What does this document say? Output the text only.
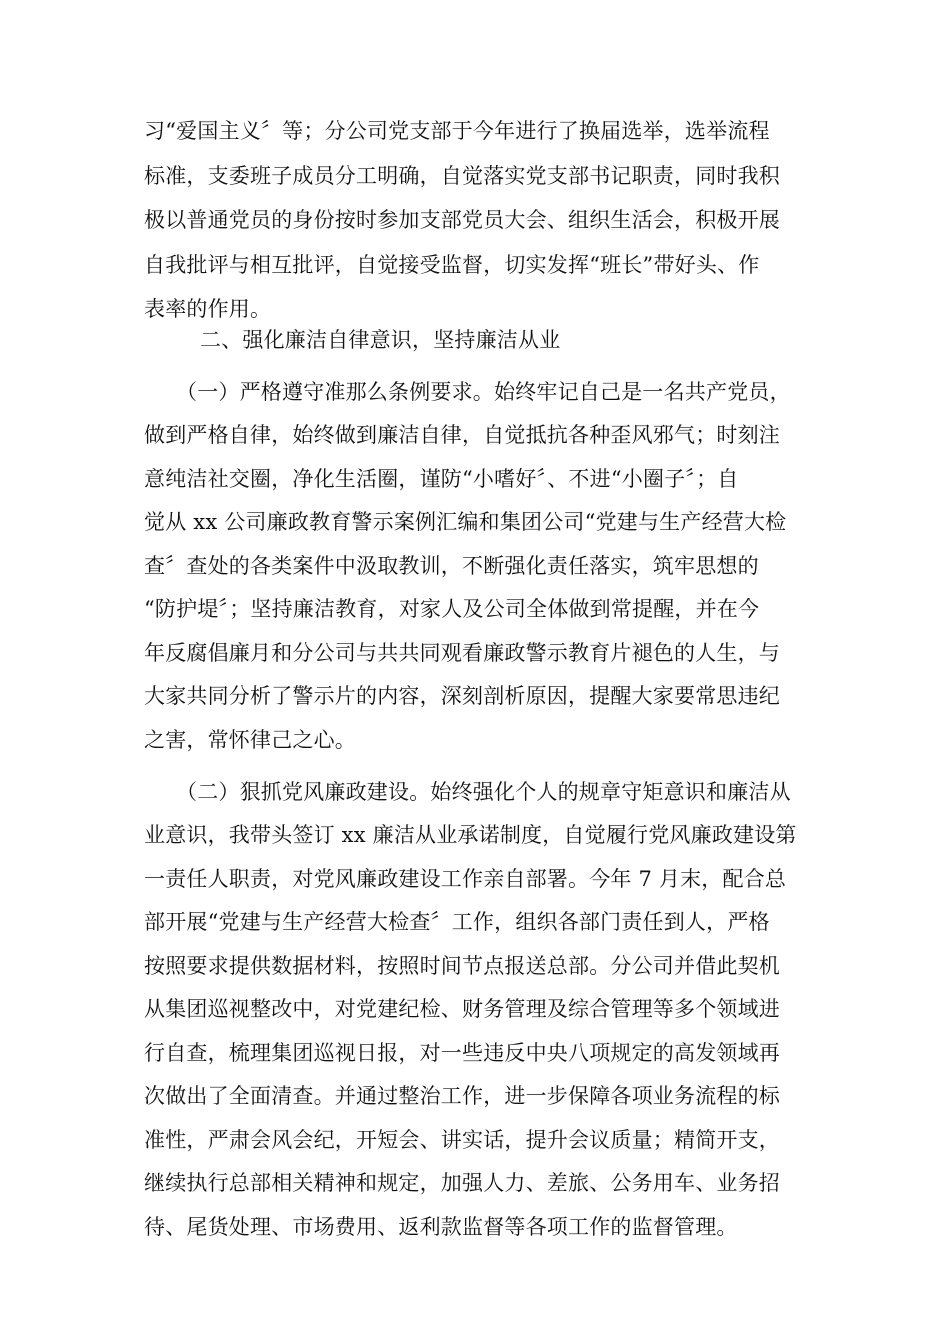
习“爱国主义〞等；分公司党支部于今年进行了换届选举，选举流程
标准，支委班子成员分工明确，自觉落实党支部书记职责，同时我积
极以普通党员的身份按时参加支部党员大会、组织生活会，积极开展
自我批评与相互批评，自觉接受监督，切实发挥“班长”带好头、作
表率的作用。
二、强化廉洁自律意识，坚持廉洁从业
（一）严格遵守准那么条例要求。始终牢记自己是一名共产党员，
做到严格自律，始终做到廉洁自律，自觉抵抗各种歪风邪气；时刻注
意纯洁社交圈，净化生活圈，谨防“小嗜好〞、不进“小圈子〞；自
觉从 xx 公司廉政教育警示案例汇编和集团公司“党建与生产经营大检
查〞查处的各类案件中汲取教训，不断强化责任落实，筑牢思想的
“防护堤〞；坚持廉洁教育，对家人及公司全体做到常提醒，并在今
年反腐倡廉月和分公司与共共同观看廉政警示教育片褪色的人生，与
大家共同分析了警示片的内容，深刻剖析原因，提醒大家要常思违纪
之害，常怀律己之心。
（二）狠抓党风廉政建设。始终强化个人的规章守矩意识和廉洁从
业意识，我带头签订 xx 廉洁从业承诺制度，自觉履行党风廉政建设第
一责任人职责，对党风廉政建设工作亲自部署。今年 7 月末，配合总
部开展“党建与生产经营大检查〞工作，组织各部门责任到人，严格
按照要求提供数据材料，按照时间节点报送总部。分公司并借此契机
从集团巡视整改中，对党建纪检、财务管理及综合管理等多个领域进
行自查，梳理集团巡视日报，对一些违反中央八项规定的高发领域再
次做出了全面清查。并通过整治工作，进一步保障各项业务流程的标
准性，严肃会风会纪，开短会、讲实话，提升会议质量；精简开支，
继续执行总部相关精神和规定，加强人力、差旅、公务用车、业务招
待、尾货处理、市场费用、返利款监督等各项工作的监督管理。
